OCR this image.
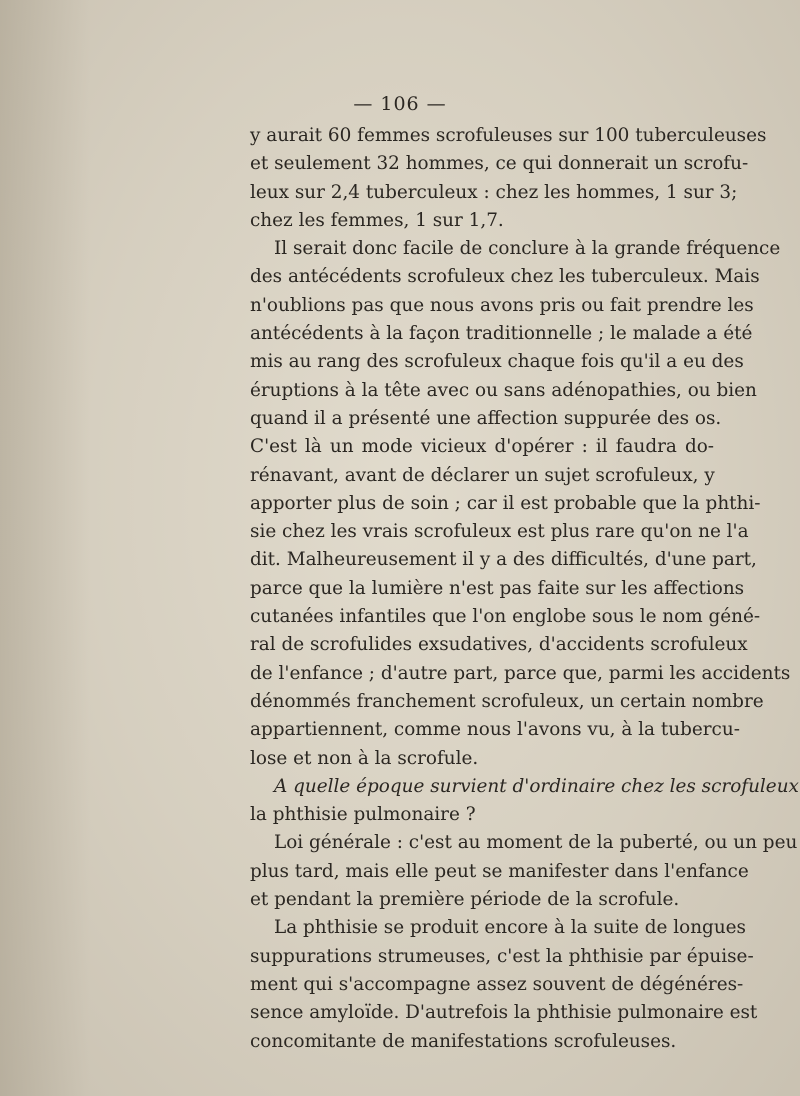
— 106 —
y aurait 60 femmes scrofuleuses sur 100 tuberculeuses
et seulement 32 hommes, ce qui donnerait un scrofu-
leux sur 2,4 tuberculeux : chez les hommes, 1 sur 3;
chez les femmes, 1 sur 1,7.
Il serait donc facile de conclure à la grande fréquence
des antécédents scrofuleux chez les tuberculeux. Mais
n'oublions pas que nous avons pris ou fait prendre les
antécédents à la façon traditionnelle ; le malade a été
mis au rang des scrofuleux chaque fois qu'il a eu des
éruptions à la tête avec ou sans adénopathies, ou bien
quand il a présenté une affection suppurée des os.
C'est là un mode vicieux d'opérer : il faudra do-
rénavant, avant de déclarer un sujet scrofuleux, y
apporter plus de soin ; car il est probable que la phthi-
sie chez les vrais scrofuleux est plus rare qu'on ne l'a
dit. Malheureusement il y a des difficultés, d'une part,
parce que la lumière n'est pas faite sur les affections
cutanées infantiles que l'on englobe sous le nom géné-
ral de scrofulides exsudatives, d'accidents scrofuleux
de l'enfance ; d'autre part, parce que, parmi les accidents
dénommés franchement scrofuleux, un certain nombre
appartiennent, comme nous l'avons vu, à la tubercu-
lose et non à la scrofule.
A quelle époque survient d'ordinaire chez les scrofuleux
la phthisie pulmonaire ?
Loi générale : c'est au moment de la puberté, ou un peu
plus tard, mais elle peut se manifester dans l'enfance
et pendant la première période de la scrofule.
La phthisie se produit encore à la suite de longues
suppurations strumeuses, c'est la phthisie par épuise-
ment qui s'accompagne assez souvent de dégénéres-
sence amyloïde. D'autrefois la phthisie pulmonaire est
concomitante de manifestations scrofuleuses.
